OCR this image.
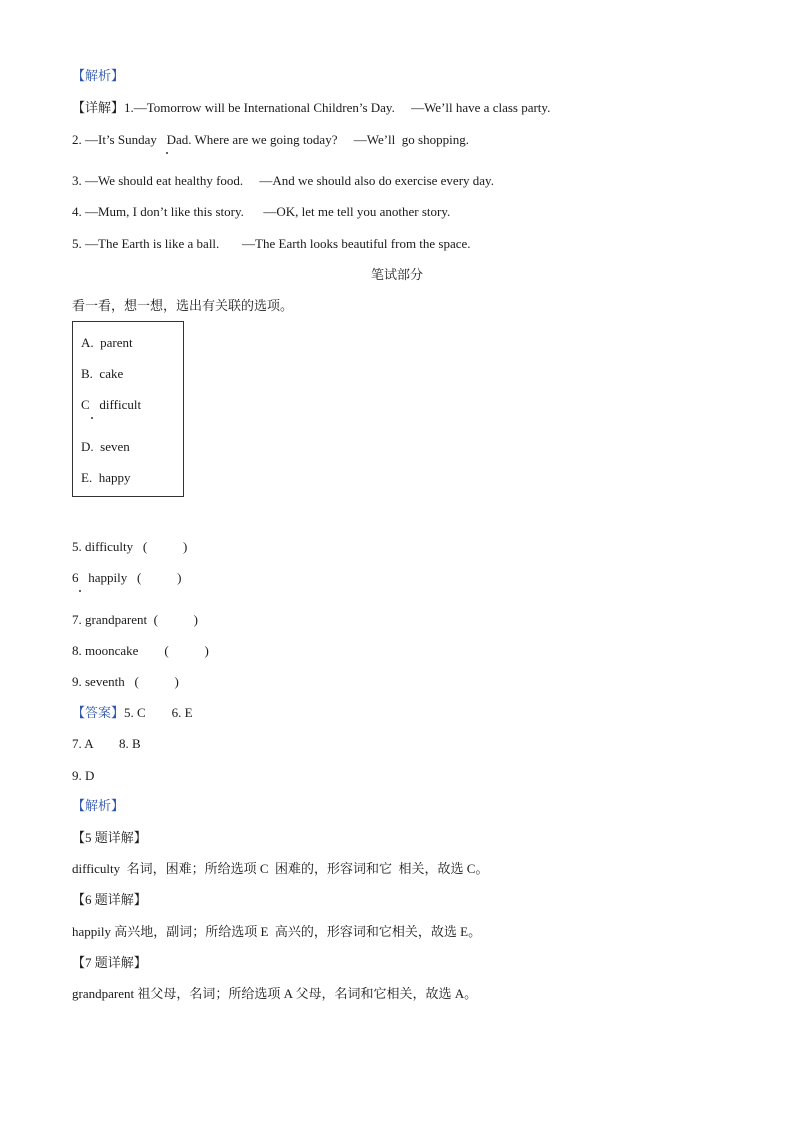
【解析】
【详解】1.—Tomorrow will be International Children’s Day.     —We’ll have a class party.
2. —It’s Sunday   Dad. Where are we going today?     —We’ll  go shopping.
3. —We should eat healthy food.     —And we should also do exercise every day.
4. —Mum, I don’t like this story.      —OK, let me tell you another story.
5. —The Earth is like a ball.       —The Earth looks beautiful from the space.
笔试部分
看一看，想一想，选出有关联的选项。
A.  parent
B.  cake
C   difficult
D.  seven
E.  happy
5. difficulty   (           )
6   happily   (           )
7. grandparent  (           )
8. mooncake        (           )
9. seventh   (           )
【答案】5. C        6. E
7. A        8. B
9. D
【解析】
【5 题详解】
difficulty  名词，困难；所给选项 C  困难的，形容词和它  相关，故选 C。
【6 题详解】
happily 高兴地，副词；所给选项 E  高兴的，形容词和它相关，故选 E。
【7 题详解】
grandparent 祖父母，名词；所给选项 A 父母，名词和它相关，故选 A。
